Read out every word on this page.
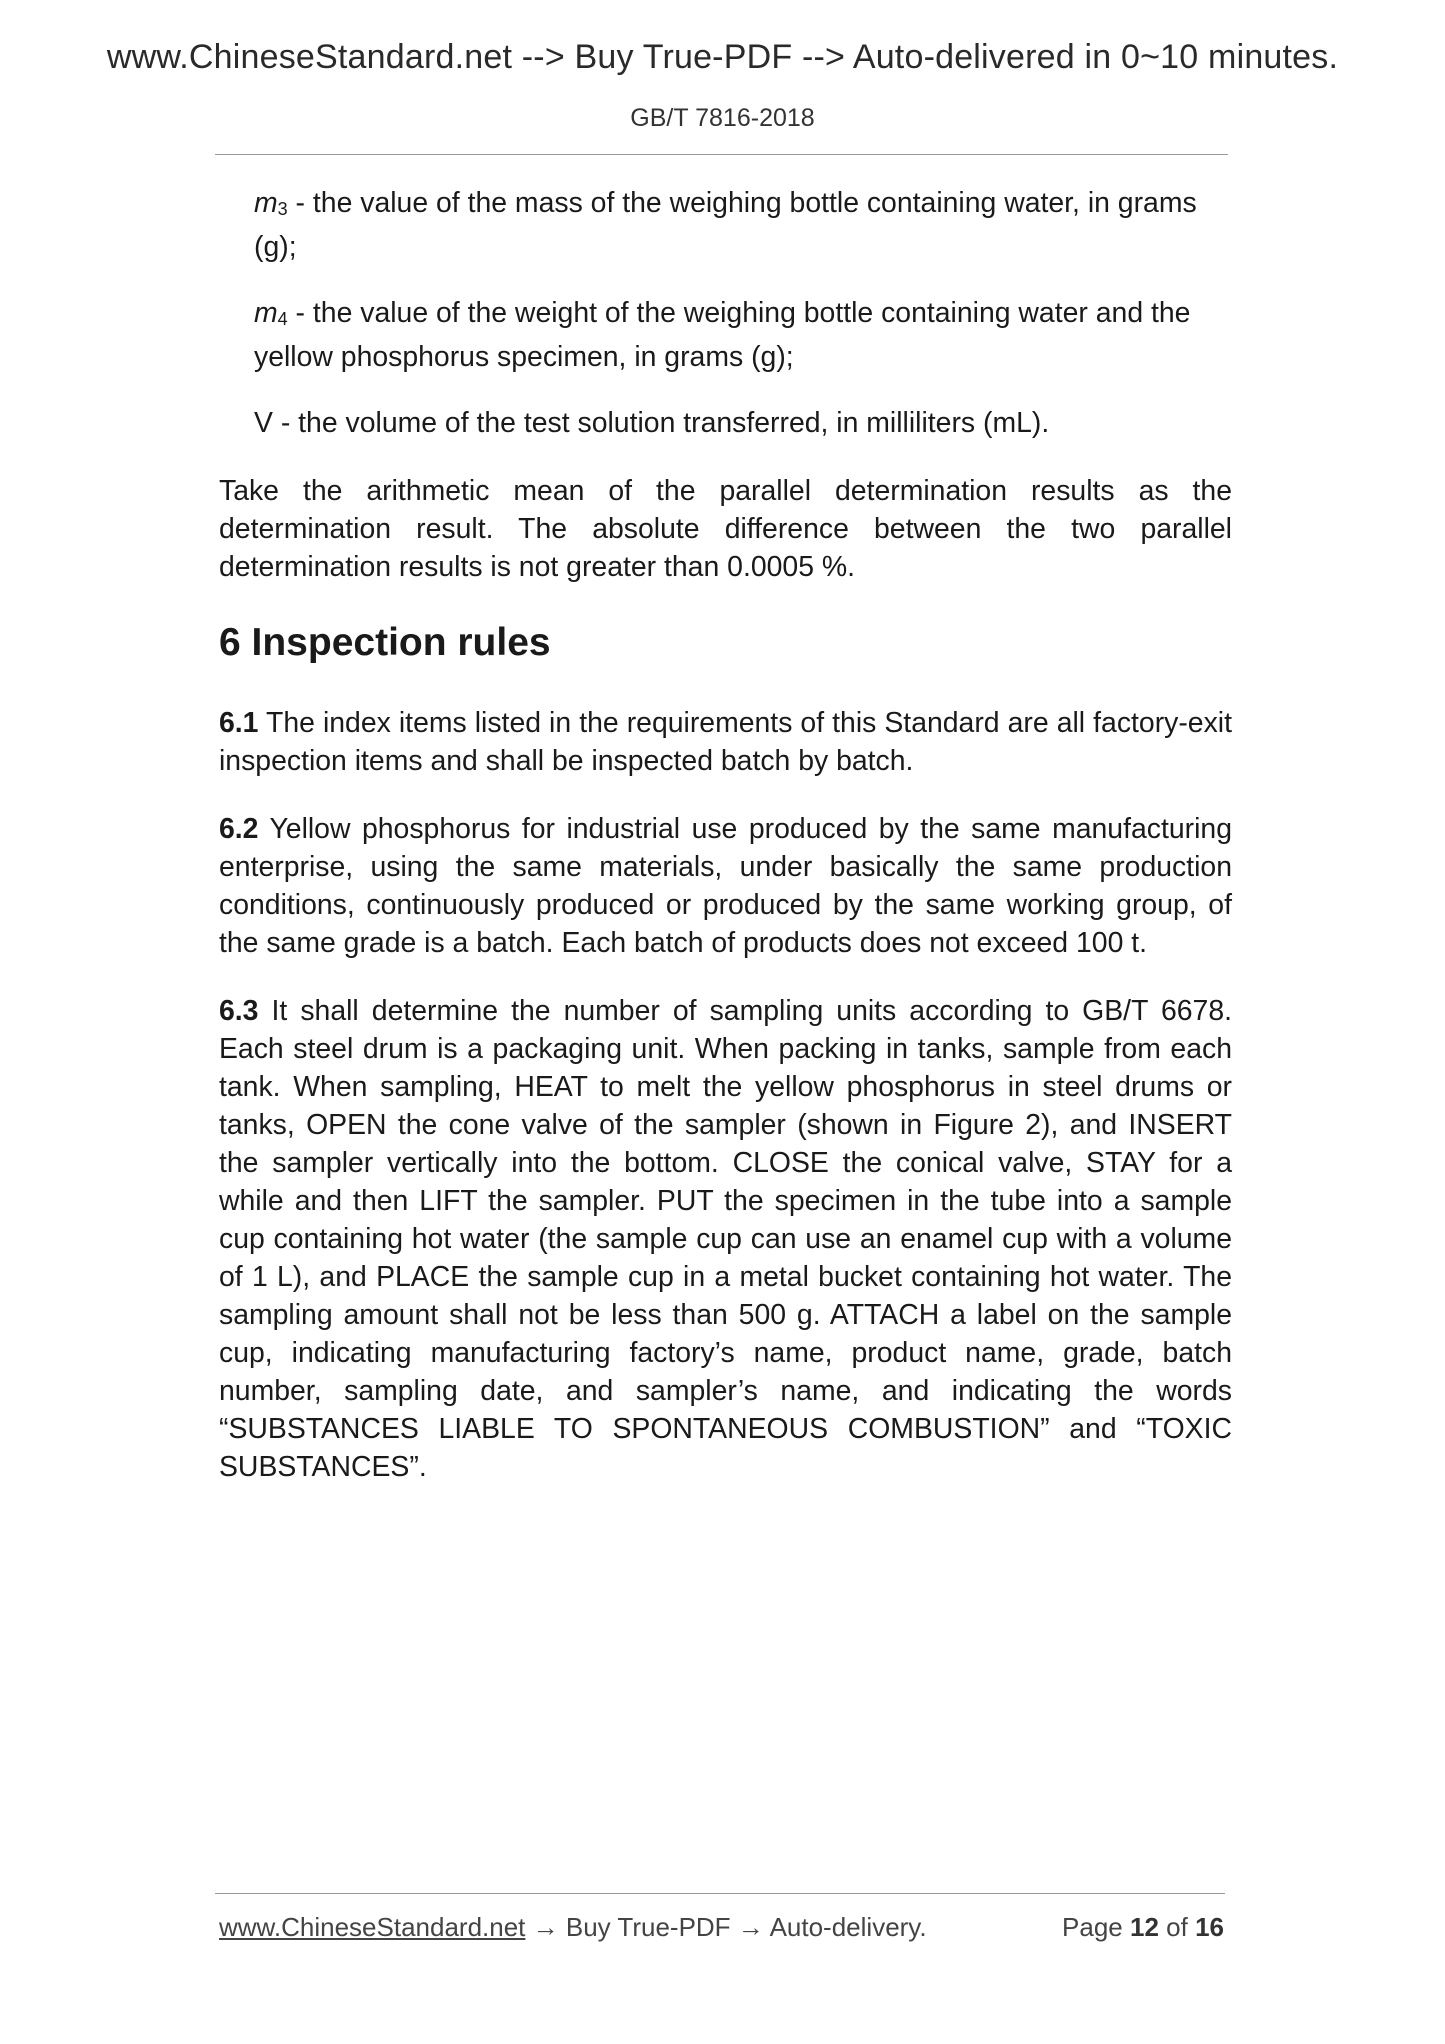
www.ChineseStandard.net --> Buy True-PDF --> Auto-delivered in 0~10 minutes.
GB/T 7816-2018

$m_3$ - the value of the mass of the weighing bottle containing water, in grams (g);

$m_4$ - the value of the weight of the weighing bottle containing water and the yellow phosphorus specimen, in grams (g);

V - the volume of the test solution transferred, in milliliters (mL).

Take the arithmetic mean of the parallel determination results as the determination result. The absolute difference between the two parallel determination results is not greater than 0.0005 %.

6 Inspection rules

6.1 The index items listed in the requirements of this Standard are all factory-exit inspection items and shall be inspected batch by batch.

6.2 Yellow phosphorus for industrial use produced by the same manufacturing enterprise, using the same materials, under basically the same production conditions, continuously produced or produced by the same working group, of the same grade is a batch. Each batch of products does not exceed 100 t.

6.3 It shall determine the number of sampling units according to GB/T 6678. Each steel drum is a packaging unit. When packing in tanks, sample from each tank. When sampling, HEAT to melt the yellow phosphorus in steel drums or tanks, OPEN the cone valve of the sampler (shown in Figure 2), and INSERT the sampler vertically into the bottom. CLOSE the conical valve, STAY for a while and then LIFT the sampler. PUT the specimen in the tube into a sample cup containing hot water (the sample cup can use an enamel cup with a volume of 1 L), and PLACE the sample cup in a metal bucket containing hot water. The sampling amount shall not be less than 500 g. ATTACH a label on the sample cup, indicating manufacturing factory’s name, product name, grade, batch number, sampling date, and sampler’s name, and indicating the words “SUBSTANCES LIABLE TO SPONTANEOUS COMBUSTION” and “TOXIC SUBSTANCES”.

www.ChineseStandard.net → Buy True-PDF → Auto-delivery.	Page 12 of 16
